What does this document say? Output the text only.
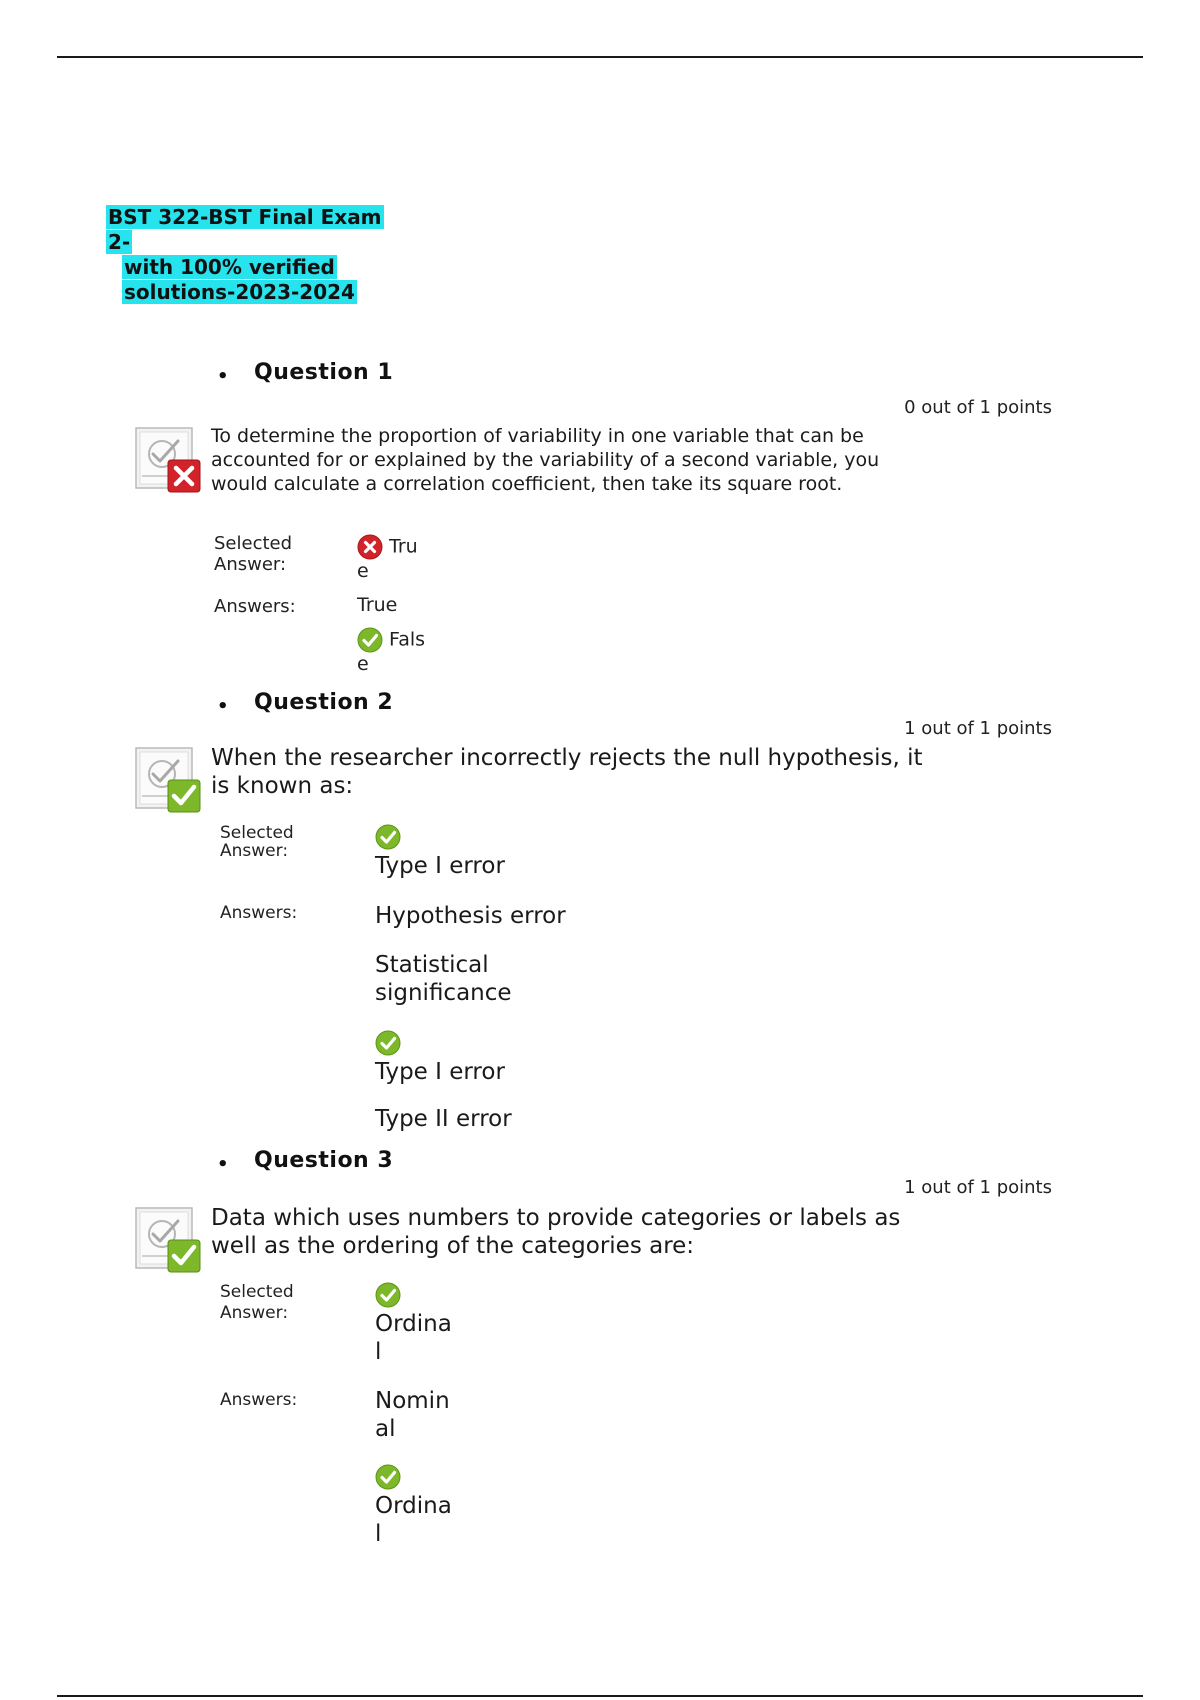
BST 322-BST Final Exam 2-
with 100% verified
solutions-2023-2024
• Question 1
0 out of 1 points
To determine the proportion of variability in one variable that can be
accounted for or explained by the variability of a second variable, you
would calculate a correlation coefficient, then take its square root.
Selected
Answer:
Tru
e
Answers:	True
Fals
e
• Question 2
1 out of 1 points
When the researcher incorrectly rejects the null hypothesis, it
is known as:
Selected
Answer:
Type I error
Answers:	Hypothesis error
Statistical
significance
Type I error
Type II error
• Question 3
1 out of 1 points
Data which uses numbers to provide categories or labels as
well as the ordering of the categories are:
Selected
Answer:	Ordina
l
Answers:	Nomin
al
Ordina
l
